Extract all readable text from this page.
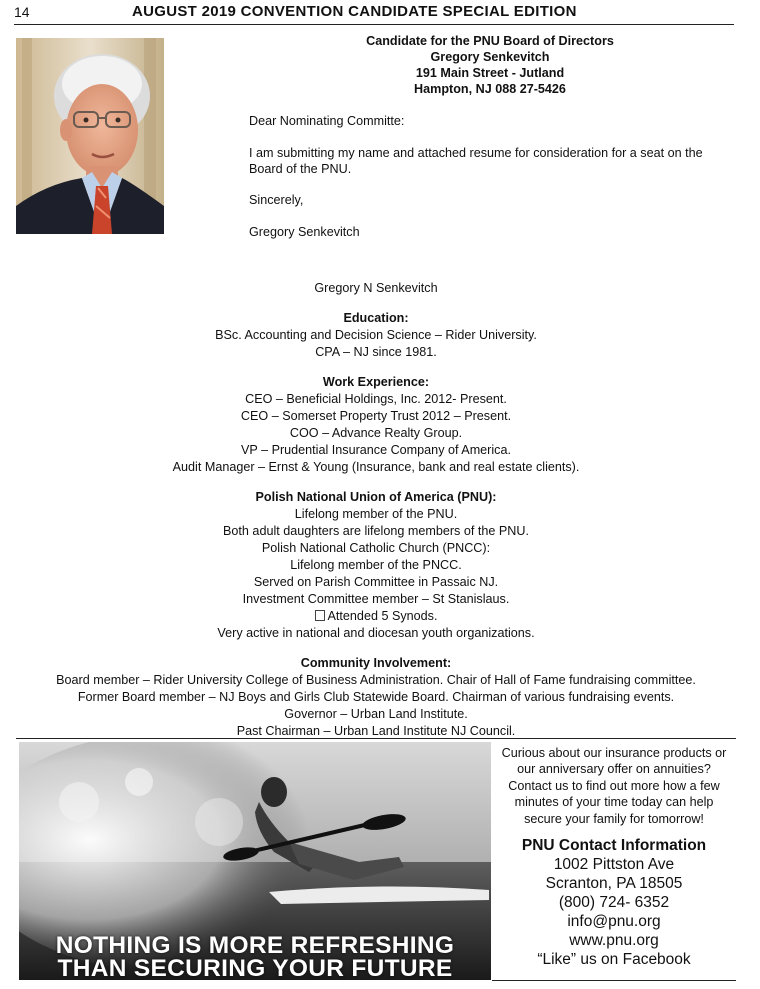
14	AUGUST 2019 CONVENTION CANDIDATE SPECIAL EDITION
Candidate for the PNU Board of Directors
Gregory Senkevitch
191 Main Street - Jutland
Hampton, NJ 088 27-5426

Dear Nominating Committe:

I am submitting my name and attached resume for consideration for a seat on the

Board of the PNU.

Sincerely,

Gregory Senkevitch

Gregory N Senkevitch
Education:
BSc. Accounting and Decision Science – Rider University.
CPA – NJ since 1981.
Work Experience:
CEO – Beneficial Holdings, Inc. 2012- Present.
CEO – Somerset Property Trust 2012 – Present.
COO – Advance Realty Group.
VP – Prudential Insurance Company of America.
Audit Manager – Ernst & Young (Insurance, bank and real estate clients).
Polish National Union of America (PNU):
Lifelong member of the PNU.
Both adult daughters are lifelong members of the PNU.
Polish National Catholic Church (PNCC):
Lifelong member of the PNCC.
Served on Parish Committee in Passaic NJ.
Investment Committee member – St Stanislaus.
Attended 5 Synods.
Very active in national and diocesan youth organizations.
Community Involvement:
Board member – Rider University College of Business Administration. Chair of Hall of Fame fundraising committee.
Former Board member – NJ Boys and Girls Club Statewide Board. Chairman of various fundraising events.
Governor – Urban Land Institute.
Past Chairman – Urban Land Institute NJ Council.
NOTHING IS MORE REFRESHING
THAN SECURING YOUR FUTURE
Curious about our insurance products or
our anniversary offer on annuities?
Contact us to find out more how a few
minutes of your time today can help
secure your family for tomorrow!
PNU Contact Information
1002 Pittston Ave
Scranton, PA 18505
(800) 724- 6352
info@pnu.org
www.pnu.org
“Like” us on Facebook
